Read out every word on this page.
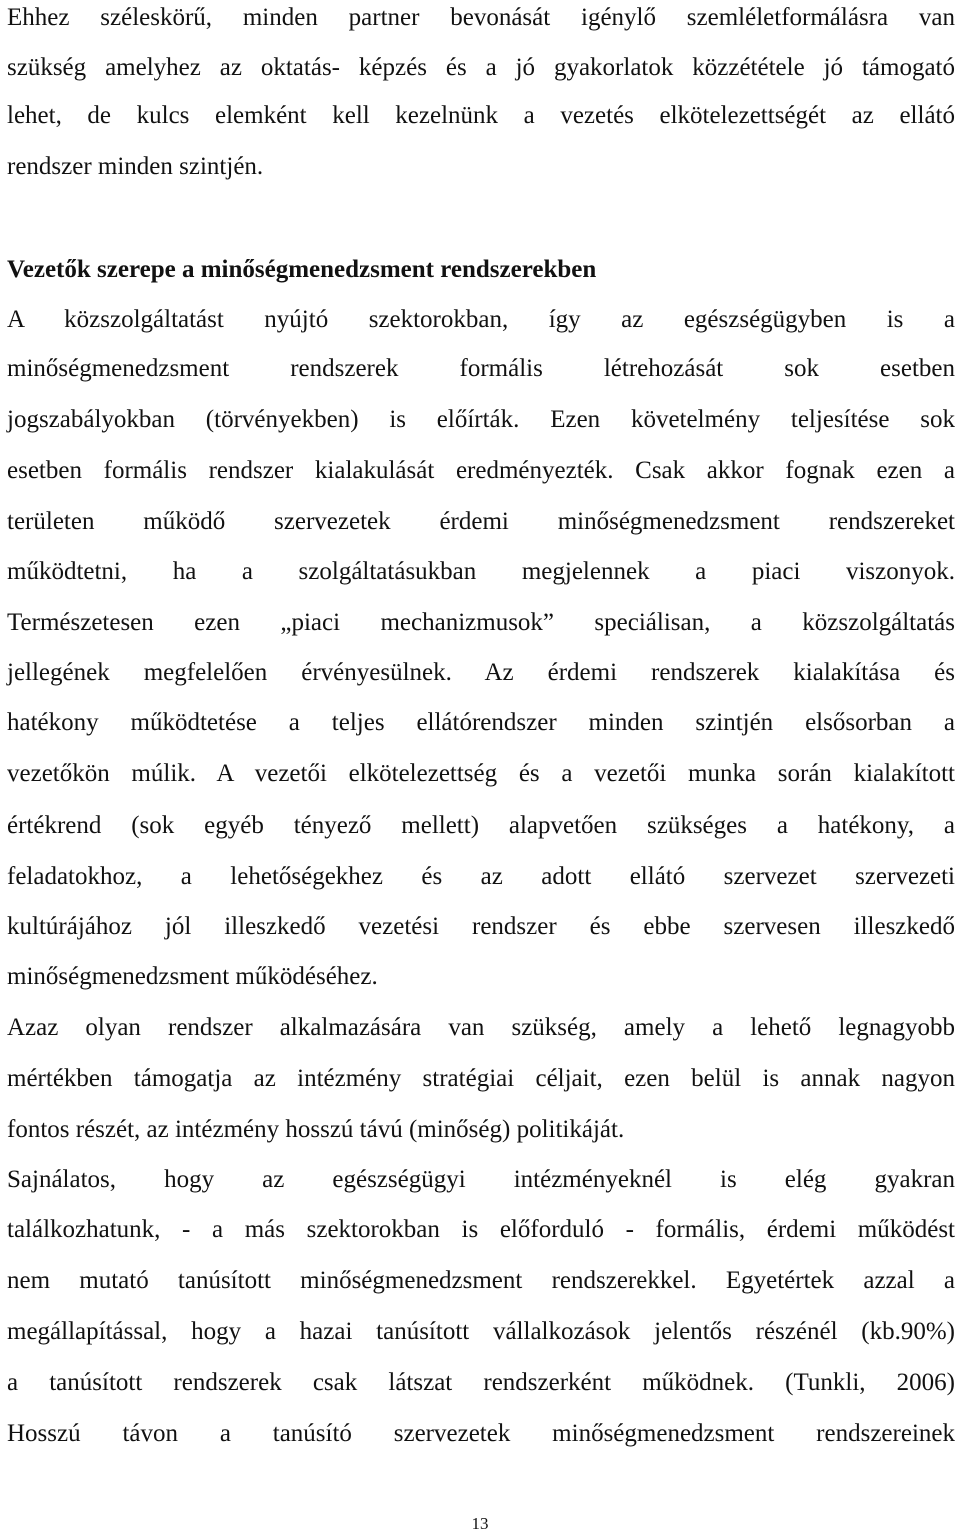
Ehhez széleskörű, minden partner bevonását igénylő szemléletformálásra van
szükség amelyhez az oktatás- képzés és a jó gyakorlatok közzététele jó támogató
lehet, de kulcs elemként kell kezelnünk a vezetés elkötelezettségét az ellátó
rendszer minden szintjén.
Vezetők szerepe a minőségmenedzsment rendszerekben
A közszolgáltatást nyújtó szektorokban, így az egészségügyben is a
minőségmenedzsment rendszerek formális létrehozását sok esetben
jogszabályokban (törvényekben) is előírták. Ezen követelmény teljesítése sok
esetben formális rendszer kialakulását eredményezték. Csak akkor fognak ezen a
területen működő szervezetek érdemi minőségmenedzsment rendszereket
működtetni, ha a szolgáltatásukban megjelennek a piaci viszonyok.
Természetesen ezen „piaci mechanizmusok” speciálisan, a közszolgáltatás
jellegének megfelelően érvényesülnek. Az érdemi rendszerek kialakítása és
hatékony működtetése a teljes ellátórendszer minden szintjén elsősorban a
vezetőkön múlik. A vezetői elkötelezettség és a vezetői munka során kialakított
értékrend (sok egyéb tényező mellett) alapvetően szükséges a hatékony, a
feladatokhoz, a lehetőségekhez és az adott ellátó szervezet szervezeti
kultúrájához jól illeszkedő vezetési rendszer és ebbe szervesen illeszkedő
minőségmenedzsment működéséhez.
Azaz olyan rendszer alkalmazására van szükség, amely a lehető legnagyobb
mértékben támogatja az intézmény stratégiai céljait, ezen belül is annak nagyon
fontos részét, az intézmény hosszú távú (minőség) politikáját.
Sajnálatos, hogy az egészségügyi intézményeknél is elég gyakran
találkozhatunk, - a más szektorokban is előforduló - formális, érdemi működést
nem mutató tanúsított minőségmenedzsment rendszerekkel. Egyetértek azzal a
megállapítással, hogy a hazai tanúsított vállalkozások jelentős részénél (kb.90%)
a tanúsított rendszerek csak látszat rendszerként működnek. (Tunkli, 2006)
Hosszú távon a tanúsító szervezetek minőségmenedzsment rendszereinek
13
